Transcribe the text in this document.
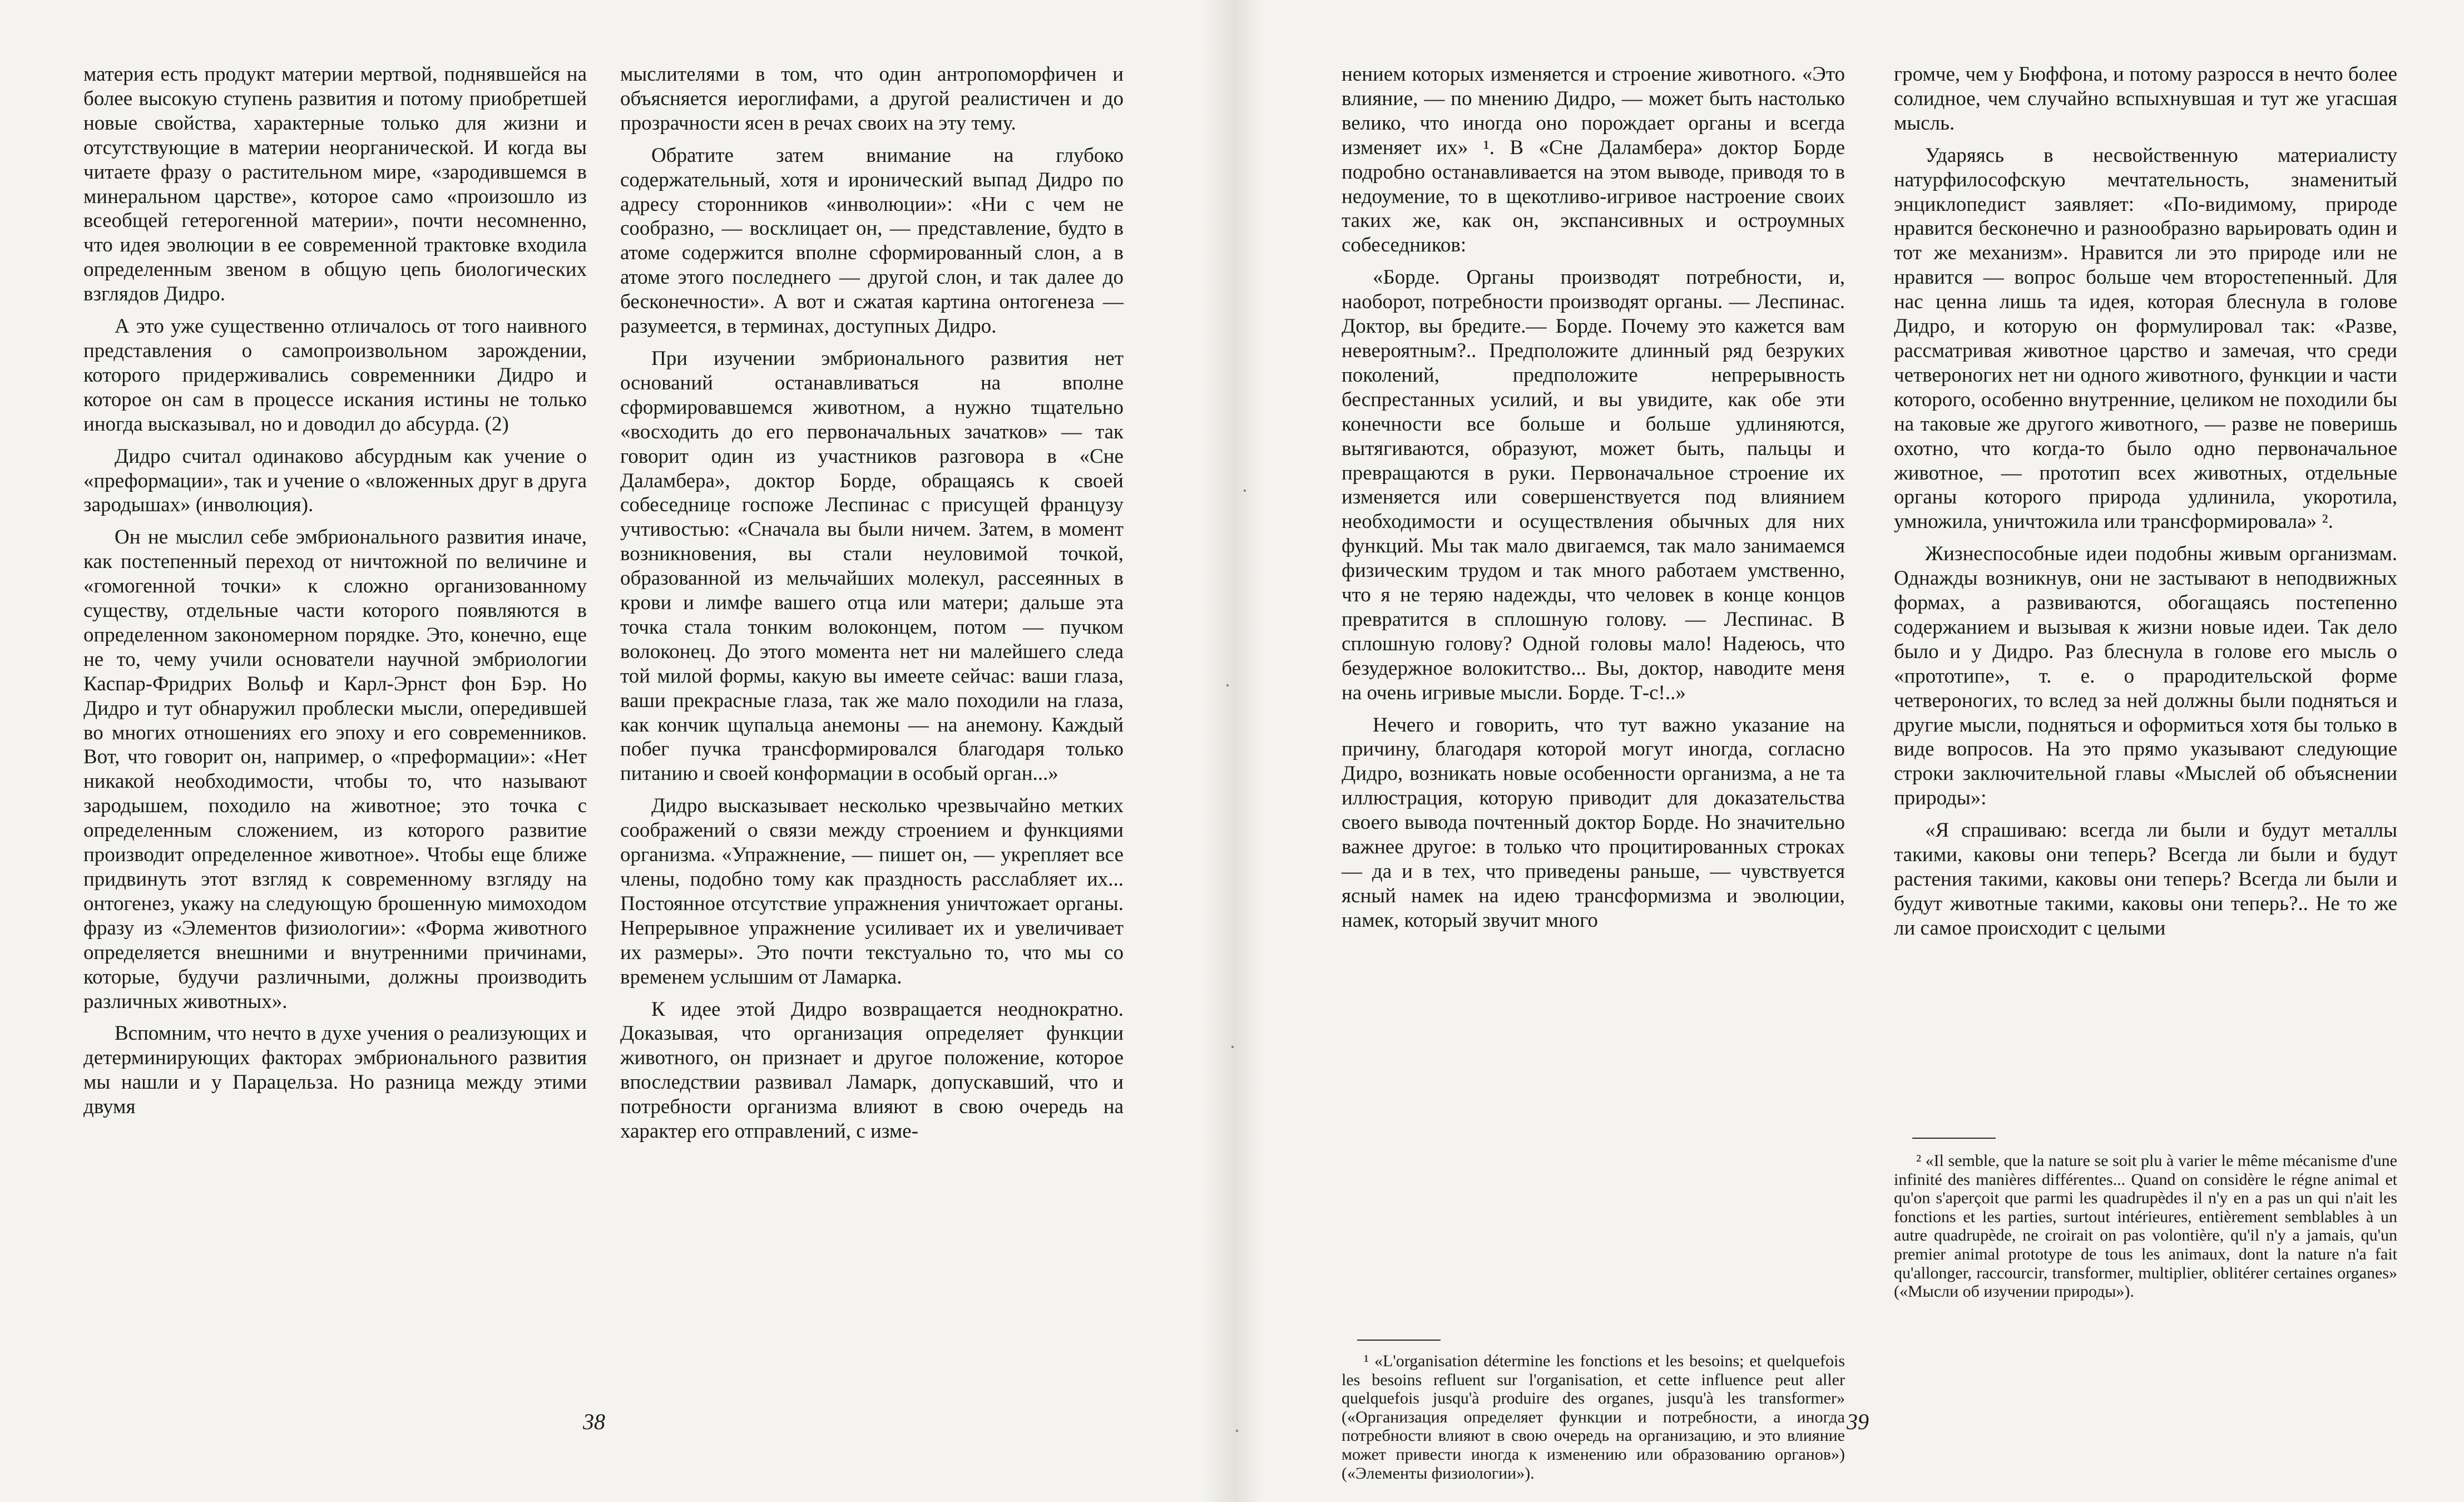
материя есть продукт материи мертвой, поднявшейся на более высокую ступень развития и потому приобретшей новые свойства, характерные только для жизни и отсутствующие в материи неорганической. И когда вы читаете фразу о растительном мире, «зародившемся в минеральном царстве», которое само «произошло из всеобщей гетерогенной материи», почти несомненно, что идея эволюции в ее современной трактовке входила определенным звеном в общую цепь биологических взглядов Дидро.

А это уже существенно отличалось от того наивного представления о самопроизвольном зарождении, которого придерживались современники Дидро и которое он сам в процессе искания истины не только иногда высказывал, но и доводил до абсурда. (2)

Дидро считал одинаково абсурдным как учение о «преформации», так и учение о «вложенных друг в друга зародышах» (инволюция).

Он не мыслил себе эмбрионального развития иначе, как постепенный переход от ничтожной по величине и «гомогенной точки» к сложно организованному существу, отдельные части которого появляются в определенном закономерном порядке. Это, конечно, еще не то, чему учили основатели научной эмбриологии Каспар-Фридрих Вольф и Карл-Эрнст фон Бэр. Но Дидро и тут обнаружил проблески мысли, опередившей во многих отношениях его эпоху и его современников. Вот, что говорит он, например, о «преформации»: «Нет никакой необходимости, чтобы то, что называют зародышем, походило на животное; это точка с определенным сложением, из которого развитие производит определенное животное». Чтобы еще ближе придвинуть этот взгляд к современному взгляду на онтогенез, укажу на следующую брошенную мимоходом фразу из «Элементов физиологии»: «Форма животного определяется внешними и внутренними причинами, которые, будучи различными, должны производить различных животных».

Вспомним, что нечто в духе учения о реализующих и детерминирующих факторах эмбрионального развития мы нашли и у Парацельза. Но разница между этими двумя

мыслителями в том, что один антропоморфичен и объясняется иероглифами, а другой реалистичен и до прозрачности ясен в речах своих на эту тему.

Обратите затем внимание на глубоко содержательный, хотя и иронический выпад Дидро по адресу сторонников «инволюции»: «Ни с чем не сообразно, — восклицает он, — представление, будто в атоме содержится вполне сформированный слон, а в атоме этого последнего — другой слон, и так далее до бесконечности». А вот и сжатая картина онтогенеза — разумеется, в терминах, доступных Дидро.

При изучении эмбрионального развития нет оснований останавливаться на вполне сформировавшемся животном, а нужно тщательно «восходить до его первоначальных зачатков» — так говорит один из участников разговора в «Сне Даламбера», доктор Борде, обращаясь к своей собеседнице госпоже Леспинас с присущей французу учтивостью: «Сначала вы были ничем. Затем, в момент возникновения, вы стали неуловимой точкой, образованной из мельчайших молекул, рассеянных в крови и лимфе вашего отца или матери; дальше эта точка стала тонким волоконцем, потом — пучком волоконец. До этого момента нет ни малейшего следа той милой формы, какую вы имеете сейчас: ваши глаза, ваши прекрасные глаза, так же мало походили на глаза, как кончик щупальца анемоны — на анемону. Каждый побег пучка трансформировался благодаря только питанию и своей конформации в особый орган...»

Дидро высказывает несколько чрезвычайно метких соображений о связи между строением и функциями организма. «Упражнение, — пишет он, — укрепляет все члены, подобно тому как праздность расслабляет их... Постоянное отсутствие упражнения уничтожает органы. Непрерывное упражнение усиливает их и увеличивает их размеры». Это почти текстуально то, что мы со временем услышим от Ламарка.

К идее этой Дидро возвращается неоднократно. Доказывая, что организация определяет функции животного, он признает и другое положение, которое впоследствии развивал Ламарк, допускавший, что и потребности организма влияют в свою очередь на характер его отправлений, с изме-

38

нением которых изменяется и строение животного. «Это влияние, — по мнению Дидро, — может быть настолько велико, что иногда оно порождает органы и всегда изменяет их» ¹. В «Сне Даламбера» доктор Борде подробно останавливается на этом выводе, приводя то в недоумение, то в щекотливо-игривое настроение своих таких же, как он, экспансивных и остроумных собеседников:

«Борде. Органы производят потребности, и, наоборот, потребности производят органы. — Леспинас. Доктор, вы бредите.— Борде. Почему это кажется вам невероятным?.. Предположите длинный ряд безруких поколений, предположите непрерывность беспрестанных усилий, и вы увидите, как обе эти конечности все больше и больше удлиняются, вытягиваются, образуют, может быть, пальцы и превращаются в руки. Первоначальное строение их изменяется или совершенствуется под влиянием необходимости и осуществления обычных для них функций. Мы так мало двигаемся, так мало занимаемся физическим трудом и так много работаем умственно, что я не теряю надежды, что человек в конце концов превратится в сплошную голову. — Леспинас. В сплошную голову? Одной головы мало! Надеюсь, что безудержное волокитство... Вы, доктор, наводите меня на очень игривые мысли. Борде. Т-с!..»

Нечего и говорить, что тут важно указание на причину, благодаря которой могут иногда, согласно Дидро, возникать новые особенности организма, а не та иллюстрация, которую приводит для доказательства своего вывода почтенный доктор Борде. Но значительно важнее другое: в только что процитированных строках — да и в тех, что приведены раньше, — чувствуется ясный намек на идею трансформизма и эволюции, намек, который звучит много

громче, чем у Бюффона, и потому разросся в нечто более солидное, чем случайно вспыхнувшая и тут же угасшая мысль.

Ударяясь в несвойственную материалисту натурфилософскую мечтательность, знаменитый энциклопедист заявляет: «По-видимому, природе нравится бесконечно и разнообразно варьировать один и тот же механизм». Нравится ли это природе или не нравится — вопрос больше чем второстепенный. Для нас ценна лишь та идея, которая блеснула в голове Дидро, и которую он формулировал так: «Разве, рассматривая животное царство и замечая, что среди четвероногих нет ни одного животного, функции и части которого, особенно внутренние, целиком не походили бы на таковые же другого животного, — разве не поверишь охотно, что когда-то было одно первоначальное животное, — прототип всех животных, отдельные органы которого природа удлинила, укоротила, умножила, уничтожила или трансформировала» ².

Жизнеспособные идеи подобны живым организмам. Однажды возникнув, они не застывают в неподвижных формах, а развиваются, обогащаясь постепенно содержанием и вызывая к жизни новые идеи. Так дело было и у Дидро. Раз блеснула в голове его мысль о «прототипе», т. е. о прародительской форме четвероногих, то вслед за ней должны были подняться и другие мысли, подняться и оформиться хотя бы только в виде вопросов. На это прямо указывают следующие строки заключительной главы «Мыслей об объяснении природы»:

«Я спрашиваю: всегда ли были и будут металлы такими, каковы они теперь? Всегда ли были и будут растения такими, каковы они теперь? Всегда ли были и будут животные такими, каковы они теперь?.. Не то же ли самое происходит с целыми

¹ «L'organisation détermine les fonctions et les besoins; et quelquefois les besoins refluent sur l'organisation, et cette influence peut aller quelquefois jusqu'à produire des organes, jusqu'à les transformer» («Организация определяет функции и потребности, а иногда потребности влияют в свою очередь на организацию, и это влияние может привести иногда к изменению или образованию органов») («Элементы физиологии»).

² «Il semble, que la nature se soit plu à varier le même mécanisme d'une infinité des manières différentes... Quand on considère le régne animal et qu'on s'aperçoit que parmi les quadrupèdes il n'y en a pas un qui n'ait les fonctions et les parties, surtout intérieures, entièrement semblables à un autre quadrupède, ne croirait on pas volontière, qu'il n'y a jamais, qu'un premier animal prototype de tous les animaux, dont la nature n'a fait qu'allonger, raccourcir, transformer, multiplier, oblitérer certaines organes» («Мысли об изучении природы»).

39
